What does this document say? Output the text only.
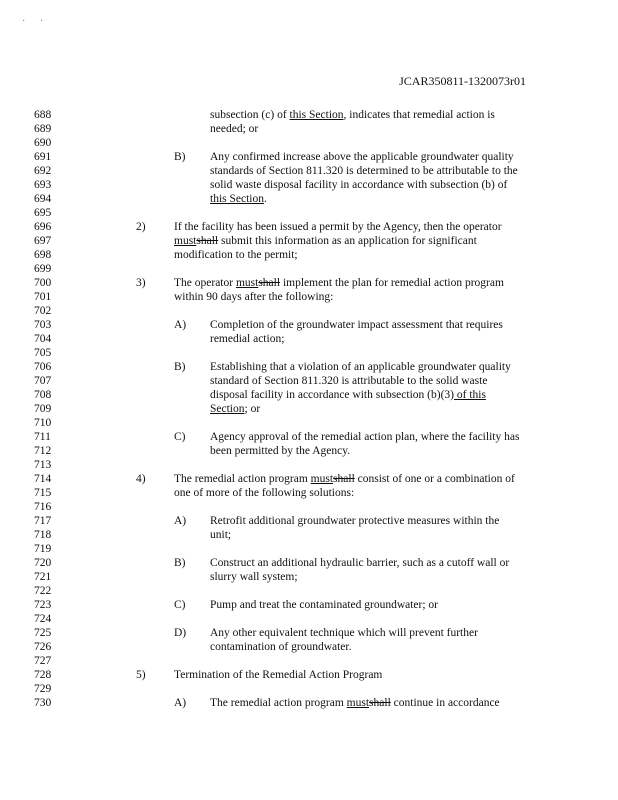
· ·
JCAR350811-1320073r01
688
689
690
691
692
693
694
695
696
697
698
699
700
701
702
703
704
705
706
707
708
709
710
711
712
713
714
715
716
717
718
719
720
721
722
723
724
725
726
727
728
729
730
subsection (c) of this Section, indicates that remedial action is
needed; or
B) Any confirmed increase above the applicable groundwater quality
standards of Section 811.320 is determined to be attributable to the
solid waste disposal facility in accordance with subsection (b) of
this Section.
2) If the facility has been issued a permit by the Agency, then the operator
mustshall submit this information as an application for significant
modification to the permit;
3) The operator mustshall implement the plan for remedial action program
within 90 days after the following:
A) Completion of the groundwater impact assessment that requires
remedial action;
B) Establishing that a violation of an applicable groundwater quality
standard of Section 811.320 is attributable to the solid waste
disposal facility in accordance with subsection (b)(3) of this
Section; or
C) Agency approval of the remedial action plan, where the facility has
been permitted by the Agency.
4) The remedial action program mustshall consist of one or a combination of
one of more of the following solutions:
A) Retrofit additional groundwater protective measures within the
unit;
B) Construct an additional hydraulic barrier, such as a cutoff wall or
slurry wall system;
C) Pump and treat the contaminated groundwater; or
D) Any other equivalent technique which will prevent further
contamination of groundwater.
5) Termination of the Remedial Action Program
A) The remedial action program mustshall continue in accordance
